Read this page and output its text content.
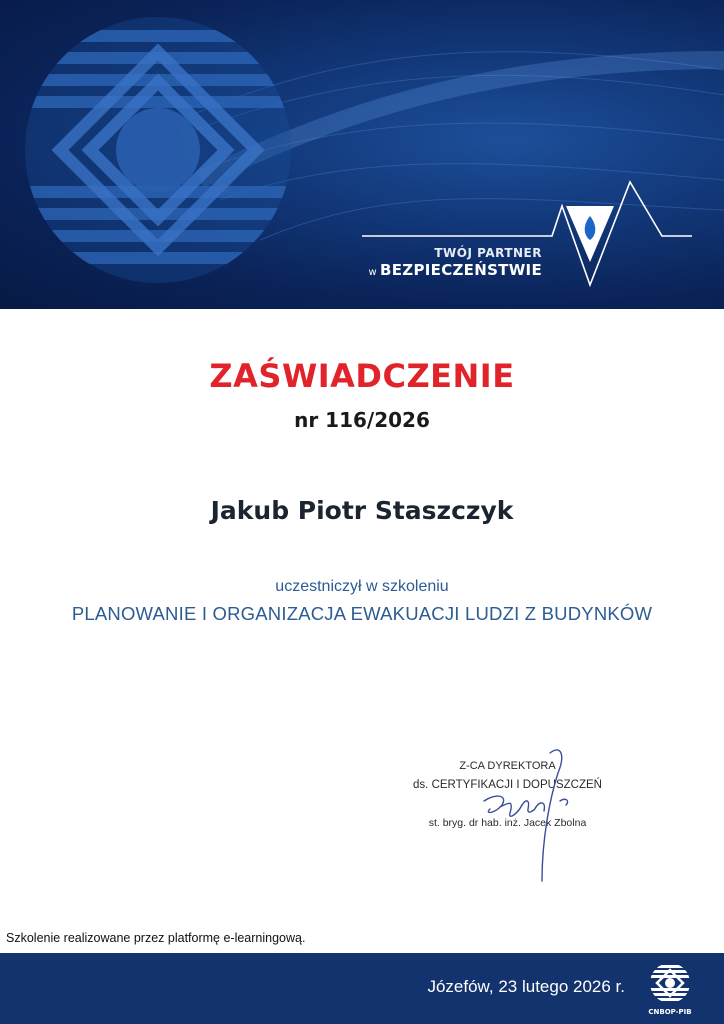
TWÓJ PARTNER
w BEZPIECZEŃSTWIE
ZAŚWIADCZENIE
nr 116/2026
Jakub Piotr Staszczyk
uczestniczył w szkoleniu
PLANOWANIE I ORGANIZACJA EWAKUACJI LUDZI Z BUDYNKÓW
Z-CA DYREKTORA
ds. CERTYFIKACJI I DOPUSZCZEŃ
st. bryg. dr hab. inż. Jacek Zbolna
Szkolenie realizowane przez platformę e-learningową.
Józefów, 23 lutego 2026 r.
CNBOP-PIB
